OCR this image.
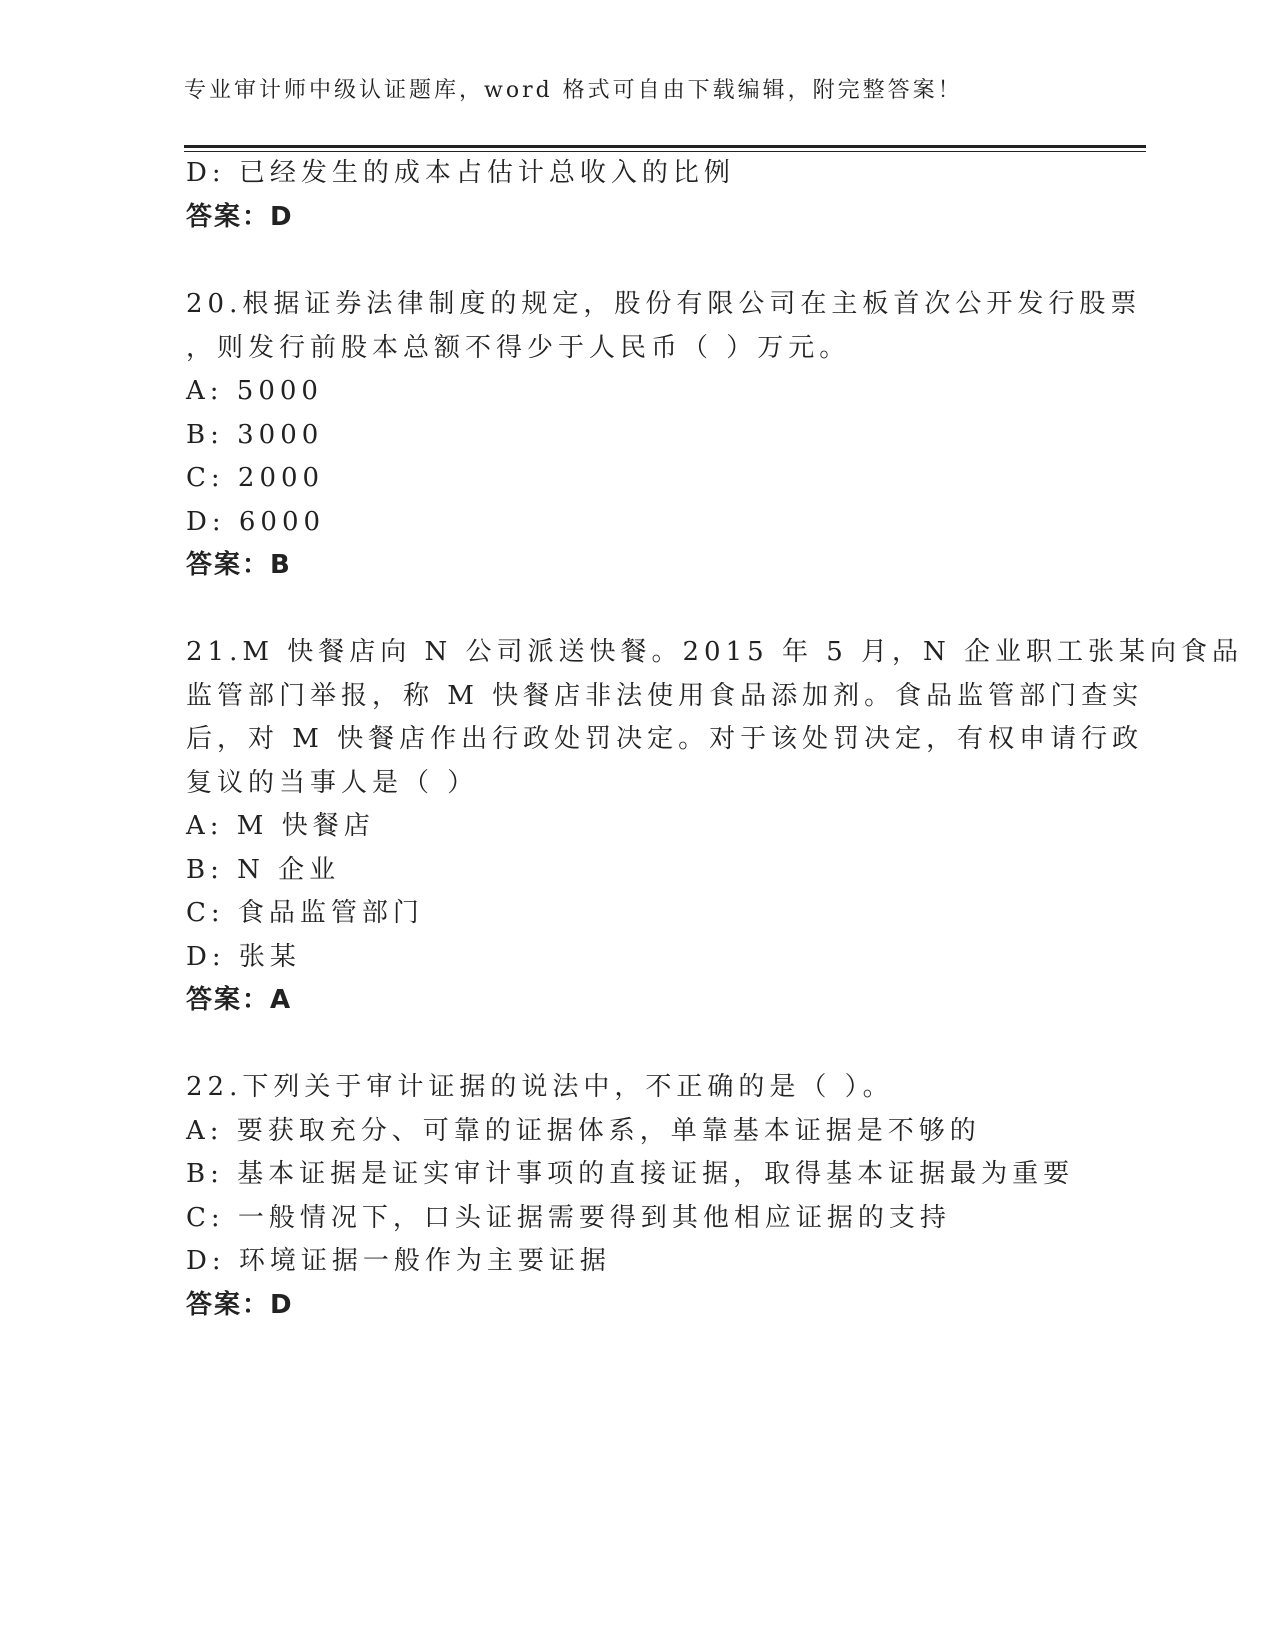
专业审计师中级认证题库，word 格式可自由下载编辑，附完整答案！
D: 已经发生的成本占估计总收入的比例
答案：D
20.根据证券法律制度的规定，股份有限公司在主板首次公开发行股票
，则发行前股本总额不得少于人民币（ ）万元。
A: 5000
B: 3000
C: 2000
D: 6000
答案：B
21.M 快餐店向 N 公司派送快餐。2015 年 5 月，N 企业职工张某向食品
监管部门举报，称 M 快餐店非法使用食品添加剂。食品监管部门查实
后，对 M 快餐店作出行政处罚决定。对于该处罚决定，有权申请行政
复议的当事人是（ ）
A: M 快餐店
B: N 企业
C: 食品监管部门
D: 张某
答案：A
22.下列关于审计证据的说法中，不正确的是（ ）。
A: 要获取充分、可靠的证据体系，单靠基本证据是不够的
B: 基本证据是证实审计事项的直接证据，取得基本证据最为重要
C: 一般情况下，口头证据需要得到其他相应证据的支持
D: 环境证据一般作为主要证据
答案：D
